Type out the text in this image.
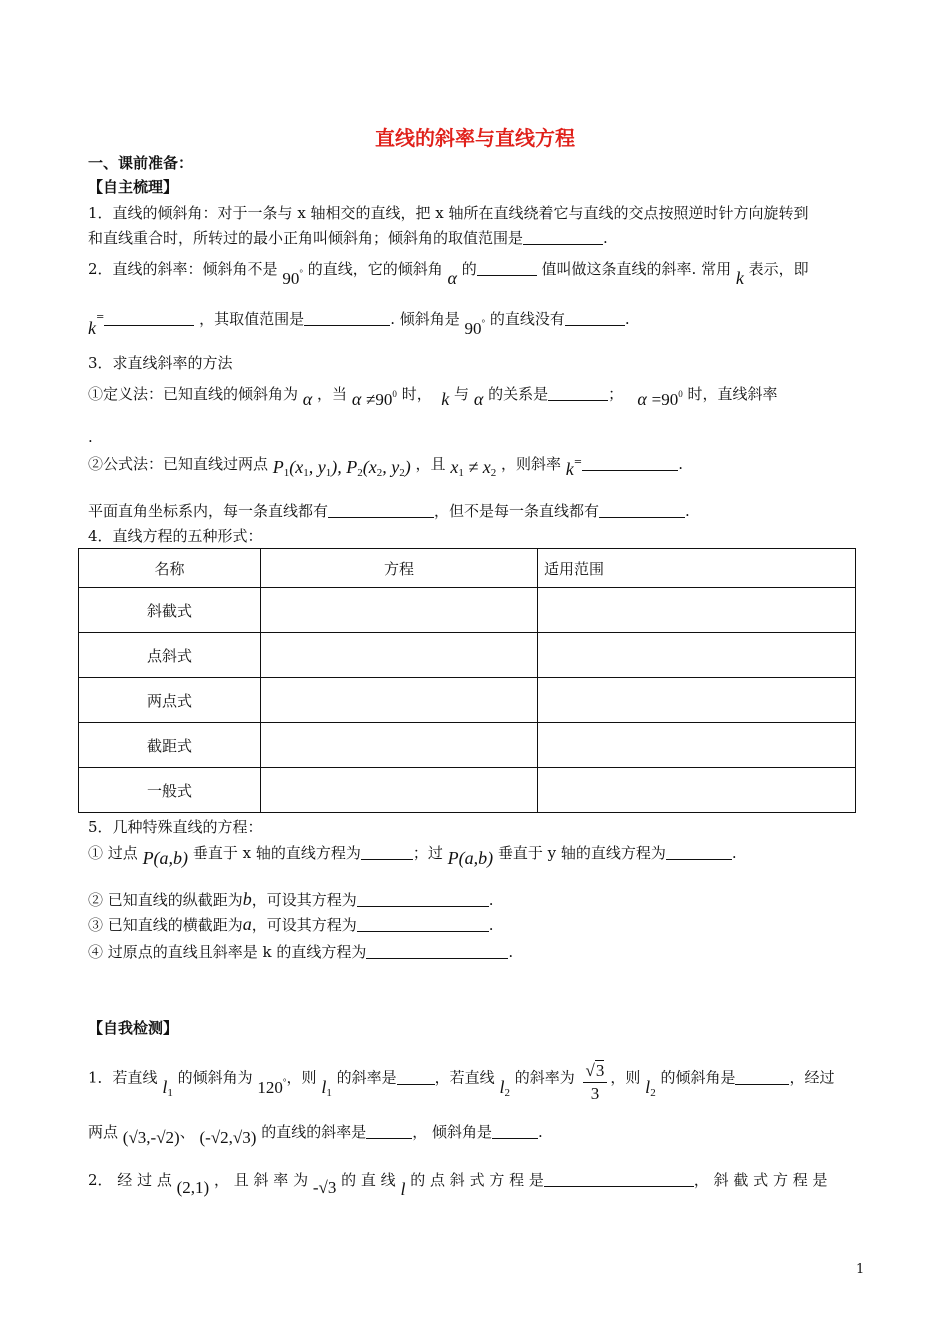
直线的斜率与直线方程
一、课前准备：
【自主梳理】
1．直线的倾斜角：对于一条与 x 轴相交的直线，把 x 轴所在直线绕着它与直线的交点按照逆时针方向旋转到
和直线重合时，所转过的最小正角叫倾斜角；倾斜角的取值范围是	.
2．直线的斜率：倾斜角不是 90° 的直线，它的倾斜角 α 的	值叫做这条直线的斜率. 常用 k 表示，即
k=	，其取值范围是	. 倾斜角是 90° 的直线没有	.
3．求直线斜率的方法
①定义法：已知直线的倾斜角为 α ，当 $\alpha \ne 90^0$ 时， k 与 α 的关系是	； $\alpha =90^0$ 时，直线斜率
.
②公式法：已知直线过两点 $P_1(x_1$, $y_1$), $P_2(x_2$, $y_2$) ，且 $x_1 \ne x_2$ ，则斜率 k=	.
平面直角坐标系内，每一条直线都有	，但不是每一条直线都有	.
4．直线方程的五种形式：
名称	方程	适用范围
斜截式		
点斜式		
两点式		
截距式		
一般式		
5．几种特殊直线的方程：
① 过点 P(a,b) 垂直于 x 轴的直线方程为	；过 P(a,b) 垂直于 y 轴的直线方程为	.
② 已知直线的纵截距为b，可设其方程为	.
③ 已知直线的横截距为a，可设其方程为	.
④ 过原点的直线且斜率是 k 的直线方程为	.
【自我检测】
1．若直线 $l_1$ 的倾斜角为 120°，则 $l_1$ 的斜率是	，若直线 $l_2$ 的斜率为 $\frac{√3}{3}$ ，则 $l_2$ 的倾斜角是	，经过
两点 (√3,-√2)、 (-√2,√3) 的直线的斜率是	， 倾斜角是	.
2． 经 过 点 (2,1) ， 且 斜 率 为 -√3 的 直 线 l 的 点 斜 式 方 程 是	， 斜 截 式 方 程 是
1
